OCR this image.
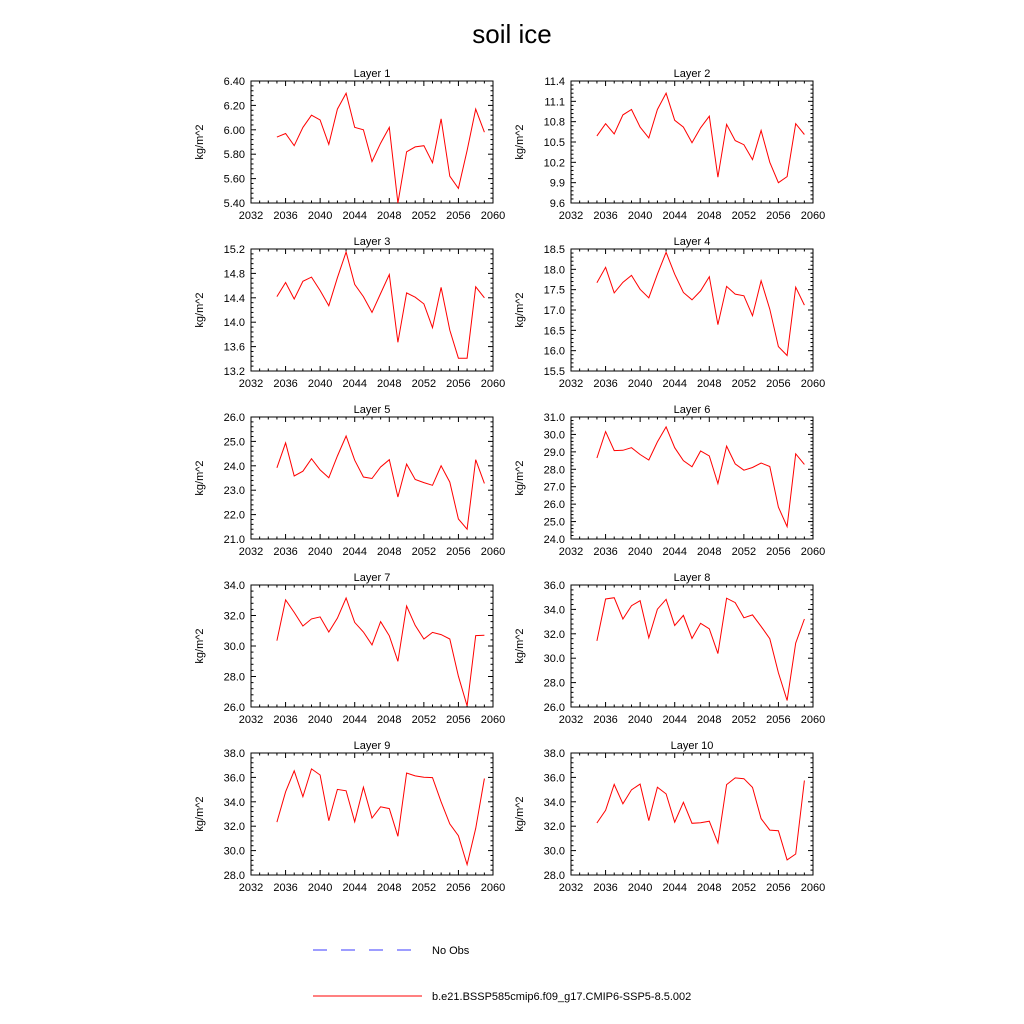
soil ice
Layer 1
kg/m^2
2032 2036 2040 2044 2048 2052 2056 2060
5.40
5.60
5.80
6.00
6.20
6.40
Layer 2
kg/m^2
2032 2036 2040 2044 2048 2052 2056 2060
9.6
9.9
10.2
10.5
10.8
11.1
11.4
Layer 3
kg/m^2
2032 2036 2040 2044 2048 2052 2056 2060
13.2
13.6
14.0
14.4
14.8
15.2
Layer 4
kg/m^2
2032 2036 2040 2044 2048 2052 2056 2060
15.5
16.0
16.5
17.0
17.5
18.0
18.5
Layer 5
kg/m^2
2032 2036 2040 2044 2048 2052 2056 2060
21.0
22.0
23.0
24.0
25.0
26.0
Layer 6
kg/m^2
2032 2036 2040 2044 2048 2052 2056 2060
24.0
25.0
26.0
27.0
28.0
29.0
30.0
31.0
Layer 7
kg/m^2
2032 2036 2040 2044 2048 2052 2056 2060
26.0
28.0
30.0
32.0
34.0
Layer 8
kg/m^2
2032 2036 2040 2044 2048 2052 2056 2060
26.0
28.0
30.0
32.0
34.0
36.0
Layer 9
kg/m^2
2032 2036 2040 2044 2048 2052 2056 2060
28.0
30.0
32.0
34.0
36.0
38.0
Layer 10
kg/m^2
2032 2036 2040 2044 2048 2052 2056 2060
28.0
30.0
32.0
34.0
36.0
38.0
No Obs
b.e21.BSSP585cmip6.f09_g17.CMIP6-SSP5-8.5.002
